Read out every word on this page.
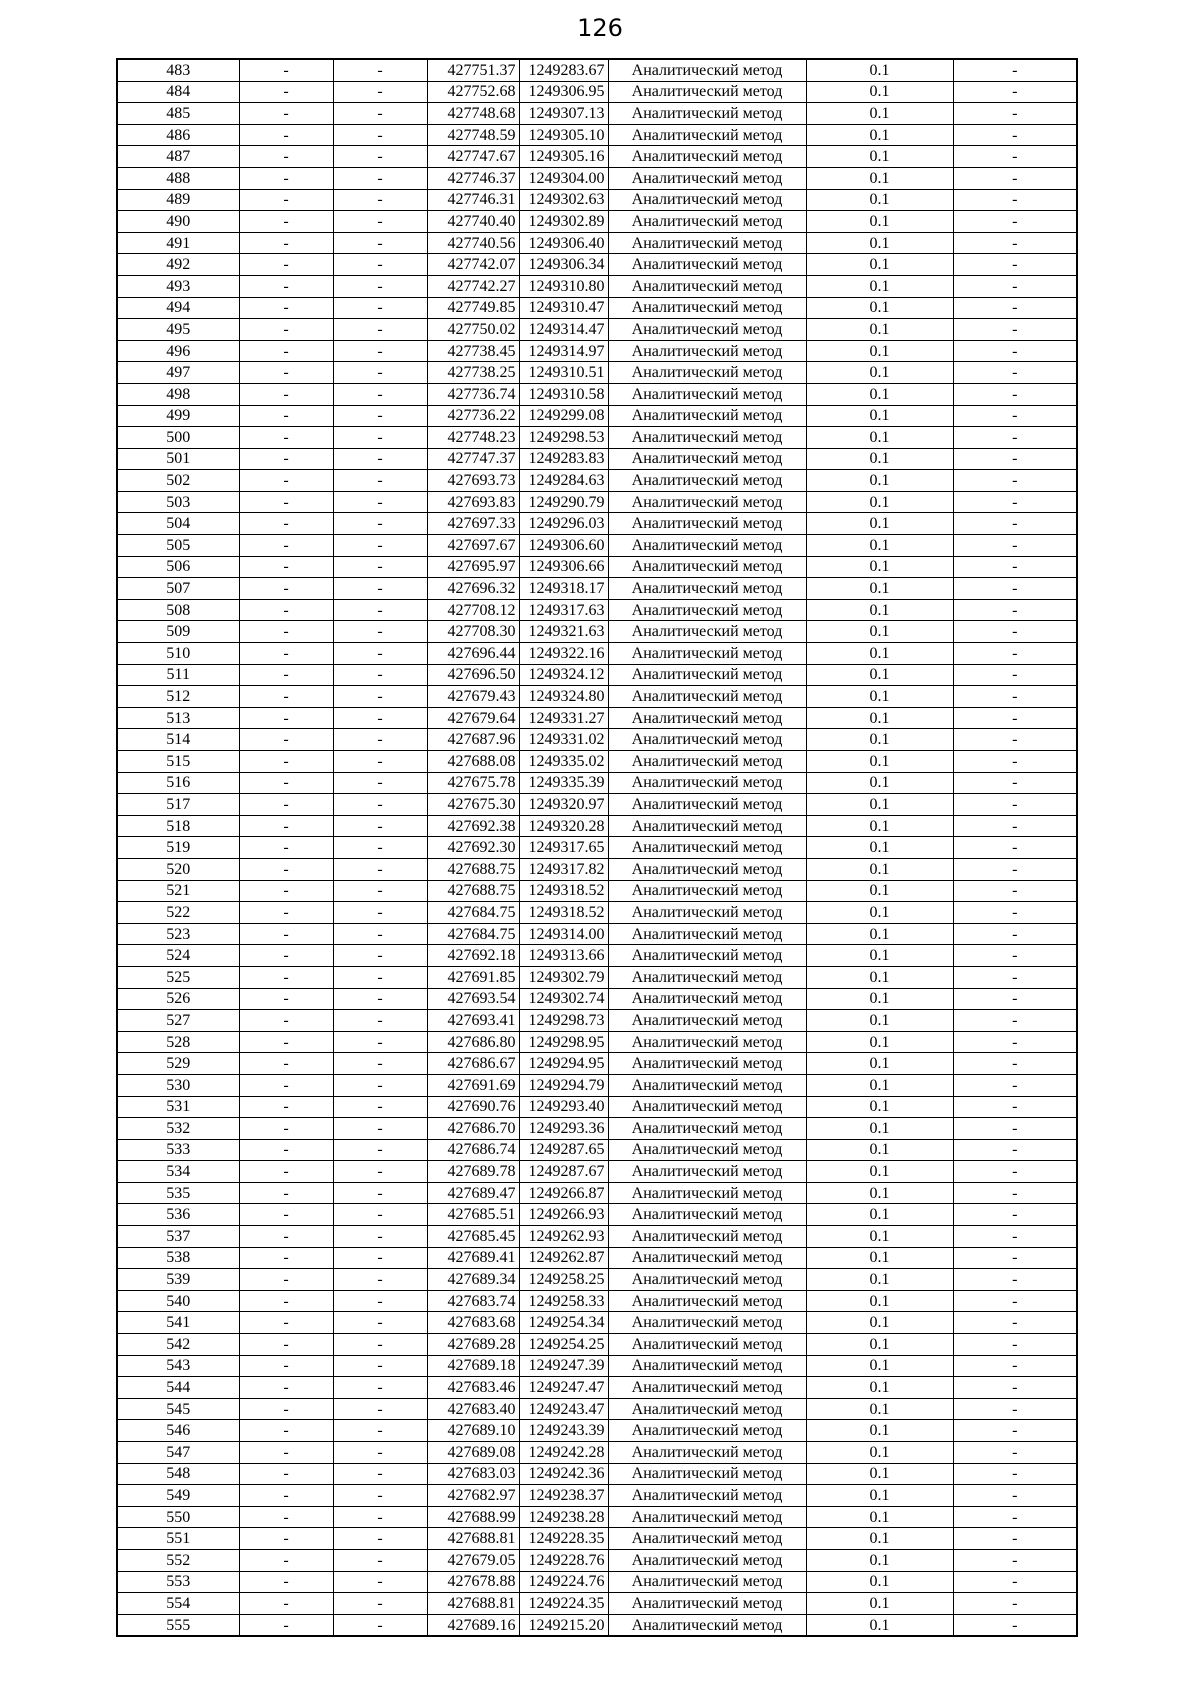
126
483	-	-	427751.37	1249283.67	Аналитический метод	0.1	-
484	-	-	427752.68	1249306.95	Аналитический метод	0.1	-
485	-	-	427748.68	1249307.13	Аналитический метод	0.1	-
486	-	-	427748.59	1249305.10	Аналитический метод	0.1	-
487	-	-	427747.67	1249305.16	Аналитический метод	0.1	-
488	-	-	427746.37	1249304.00	Аналитический метод	0.1	-
489	-	-	427746.31	1249302.63	Аналитический метод	0.1	-
490	-	-	427740.40	1249302.89	Аналитический метод	0.1	-
491	-	-	427740.56	1249306.40	Аналитический метод	0.1	-
492	-	-	427742.07	1249306.34	Аналитический метод	0.1	-
493	-	-	427742.27	1249310.80	Аналитический метод	0.1	-
494	-	-	427749.85	1249310.47	Аналитический метод	0.1	-
495	-	-	427750.02	1249314.47	Аналитический метод	0.1	-
496	-	-	427738.45	1249314.97	Аналитический метод	0.1	-
497	-	-	427738.25	1249310.51	Аналитический метод	0.1	-
498	-	-	427736.74	1249310.58	Аналитический метод	0.1	-
499	-	-	427736.22	1249299.08	Аналитический метод	0.1	-
500	-	-	427748.23	1249298.53	Аналитический метод	0.1	-
501	-	-	427747.37	1249283.83	Аналитический метод	0.1	-
502	-	-	427693.73	1249284.63	Аналитический метод	0.1	-
503	-	-	427693.83	1249290.79	Аналитический метод	0.1	-
504	-	-	427697.33	1249296.03	Аналитический метод	0.1	-
505	-	-	427697.67	1249306.60	Аналитический метод	0.1	-
506	-	-	427695.97	1249306.66	Аналитический метод	0.1	-
507	-	-	427696.32	1249318.17	Аналитический метод	0.1	-
508	-	-	427708.12	1249317.63	Аналитический метод	0.1	-
509	-	-	427708.30	1249321.63	Аналитический метод	0.1	-
510	-	-	427696.44	1249322.16	Аналитический метод	0.1	-
511	-	-	427696.50	1249324.12	Аналитический метод	0.1	-
512	-	-	427679.43	1249324.80	Аналитический метод	0.1	-
513	-	-	427679.64	1249331.27	Аналитический метод	0.1	-
514	-	-	427687.96	1249331.02	Аналитический метод	0.1	-
515	-	-	427688.08	1249335.02	Аналитический метод	0.1	-
516	-	-	427675.78	1249335.39	Аналитический метод	0.1	-
517	-	-	427675.30	1249320.97	Аналитический метод	0.1	-
518	-	-	427692.38	1249320.28	Аналитический метод	0.1	-
519	-	-	427692.30	1249317.65	Аналитический метод	0.1	-
520	-	-	427688.75	1249317.82	Аналитический метод	0.1	-
521	-	-	427688.75	1249318.52	Аналитический метод	0.1	-
522	-	-	427684.75	1249318.52	Аналитический метод	0.1	-
523	-	-	427684.75	1249314.00	Аналитический метод	0.1	-
524	-	-	427692.18	1249313.66	Аналитический метод	0.1	-
525	-	-	427691.85	1249302.79	Аналитический метод	0.1	-
526	-	-	427693.54	1249302.74	Аналитический метод	0.1	-
527	-	-	427693.41	1249298.73	Аналитический метод	0.1	-
528	-	-	427686.80	1249298.95	Аналитический метод	0.1	-
529	-	-	427686.67	1249294.95	Аналитический метод	0.1	-
530	-	-	427691.69	1249294.79	Аналитический метод	0.1	-
531	-	-	427690.76	1249293.40	Аналитический метод	0.1	-
532	-	-	427686.70	1249293.36	Аналитический метод	0.1	-
533	-	-	427686.74	1249287.65	Аналитический метод	0.1	-
534	-	-	427689.78	1249287.67	Аналитический метод	0.1	-
535	-	-	427689.47	1249266.87	Аналитический метод	0.1	-
536	-	-	427685.51	1249266.93	Аналитический метод	0.1	-
537	-	-	427685.45	1249262.93	Аналитический метод	0.1	-
538	-	-	427689.41	1249262.87	Аналитический метод	0.1	-
539	-	-	427689.34	1249258.25	Аналитический метод	0.1	-
540	-	-	427683.74	1249258.33	Аналитический метод	0.1	-
541	-	-	427683.68	1249254.34	Аналитический метод	0.1	-
542	-	-	427689.28	1249254.25	Аналитический метод	0.1	-
543	-	-	427689.18	1249247.39	Аналитический метод	0.1	-
544	-	-	427683.46	1249247.47	Аналитический метод	0.1	-
545	-	-	427683.40	1249243.47	Аналитический метод	0.1	-
546	-	-	427689.10	1249243.39	Аналитический метод	0.1	-
547	-	-	427689.08	1249242.28	Аналитический метод	0.1	-
548	-	-	427683.03	1249242.36	Аналитический метод	0.1	-
549	-	-	427682.97	1249238.37	Аналитический метод	0.1	-
550	-	-	427688.99	1249238.28	Аналитический метод	0.1	-
551	-	-	427688.81	1249228.35	Аналитический метод	0.1	-
552	-	-	427679.05	1249228.76	Аналитический метод	0.1	-
553	-	-	427678.88	1249224.76	Аналитический метод	0.1	-
554	-	-	427688.81	1249224.35	Аналитический метод	0.1	-
555	-	-	427689.16	1249215.20	Аналитический метод	0.1	-
